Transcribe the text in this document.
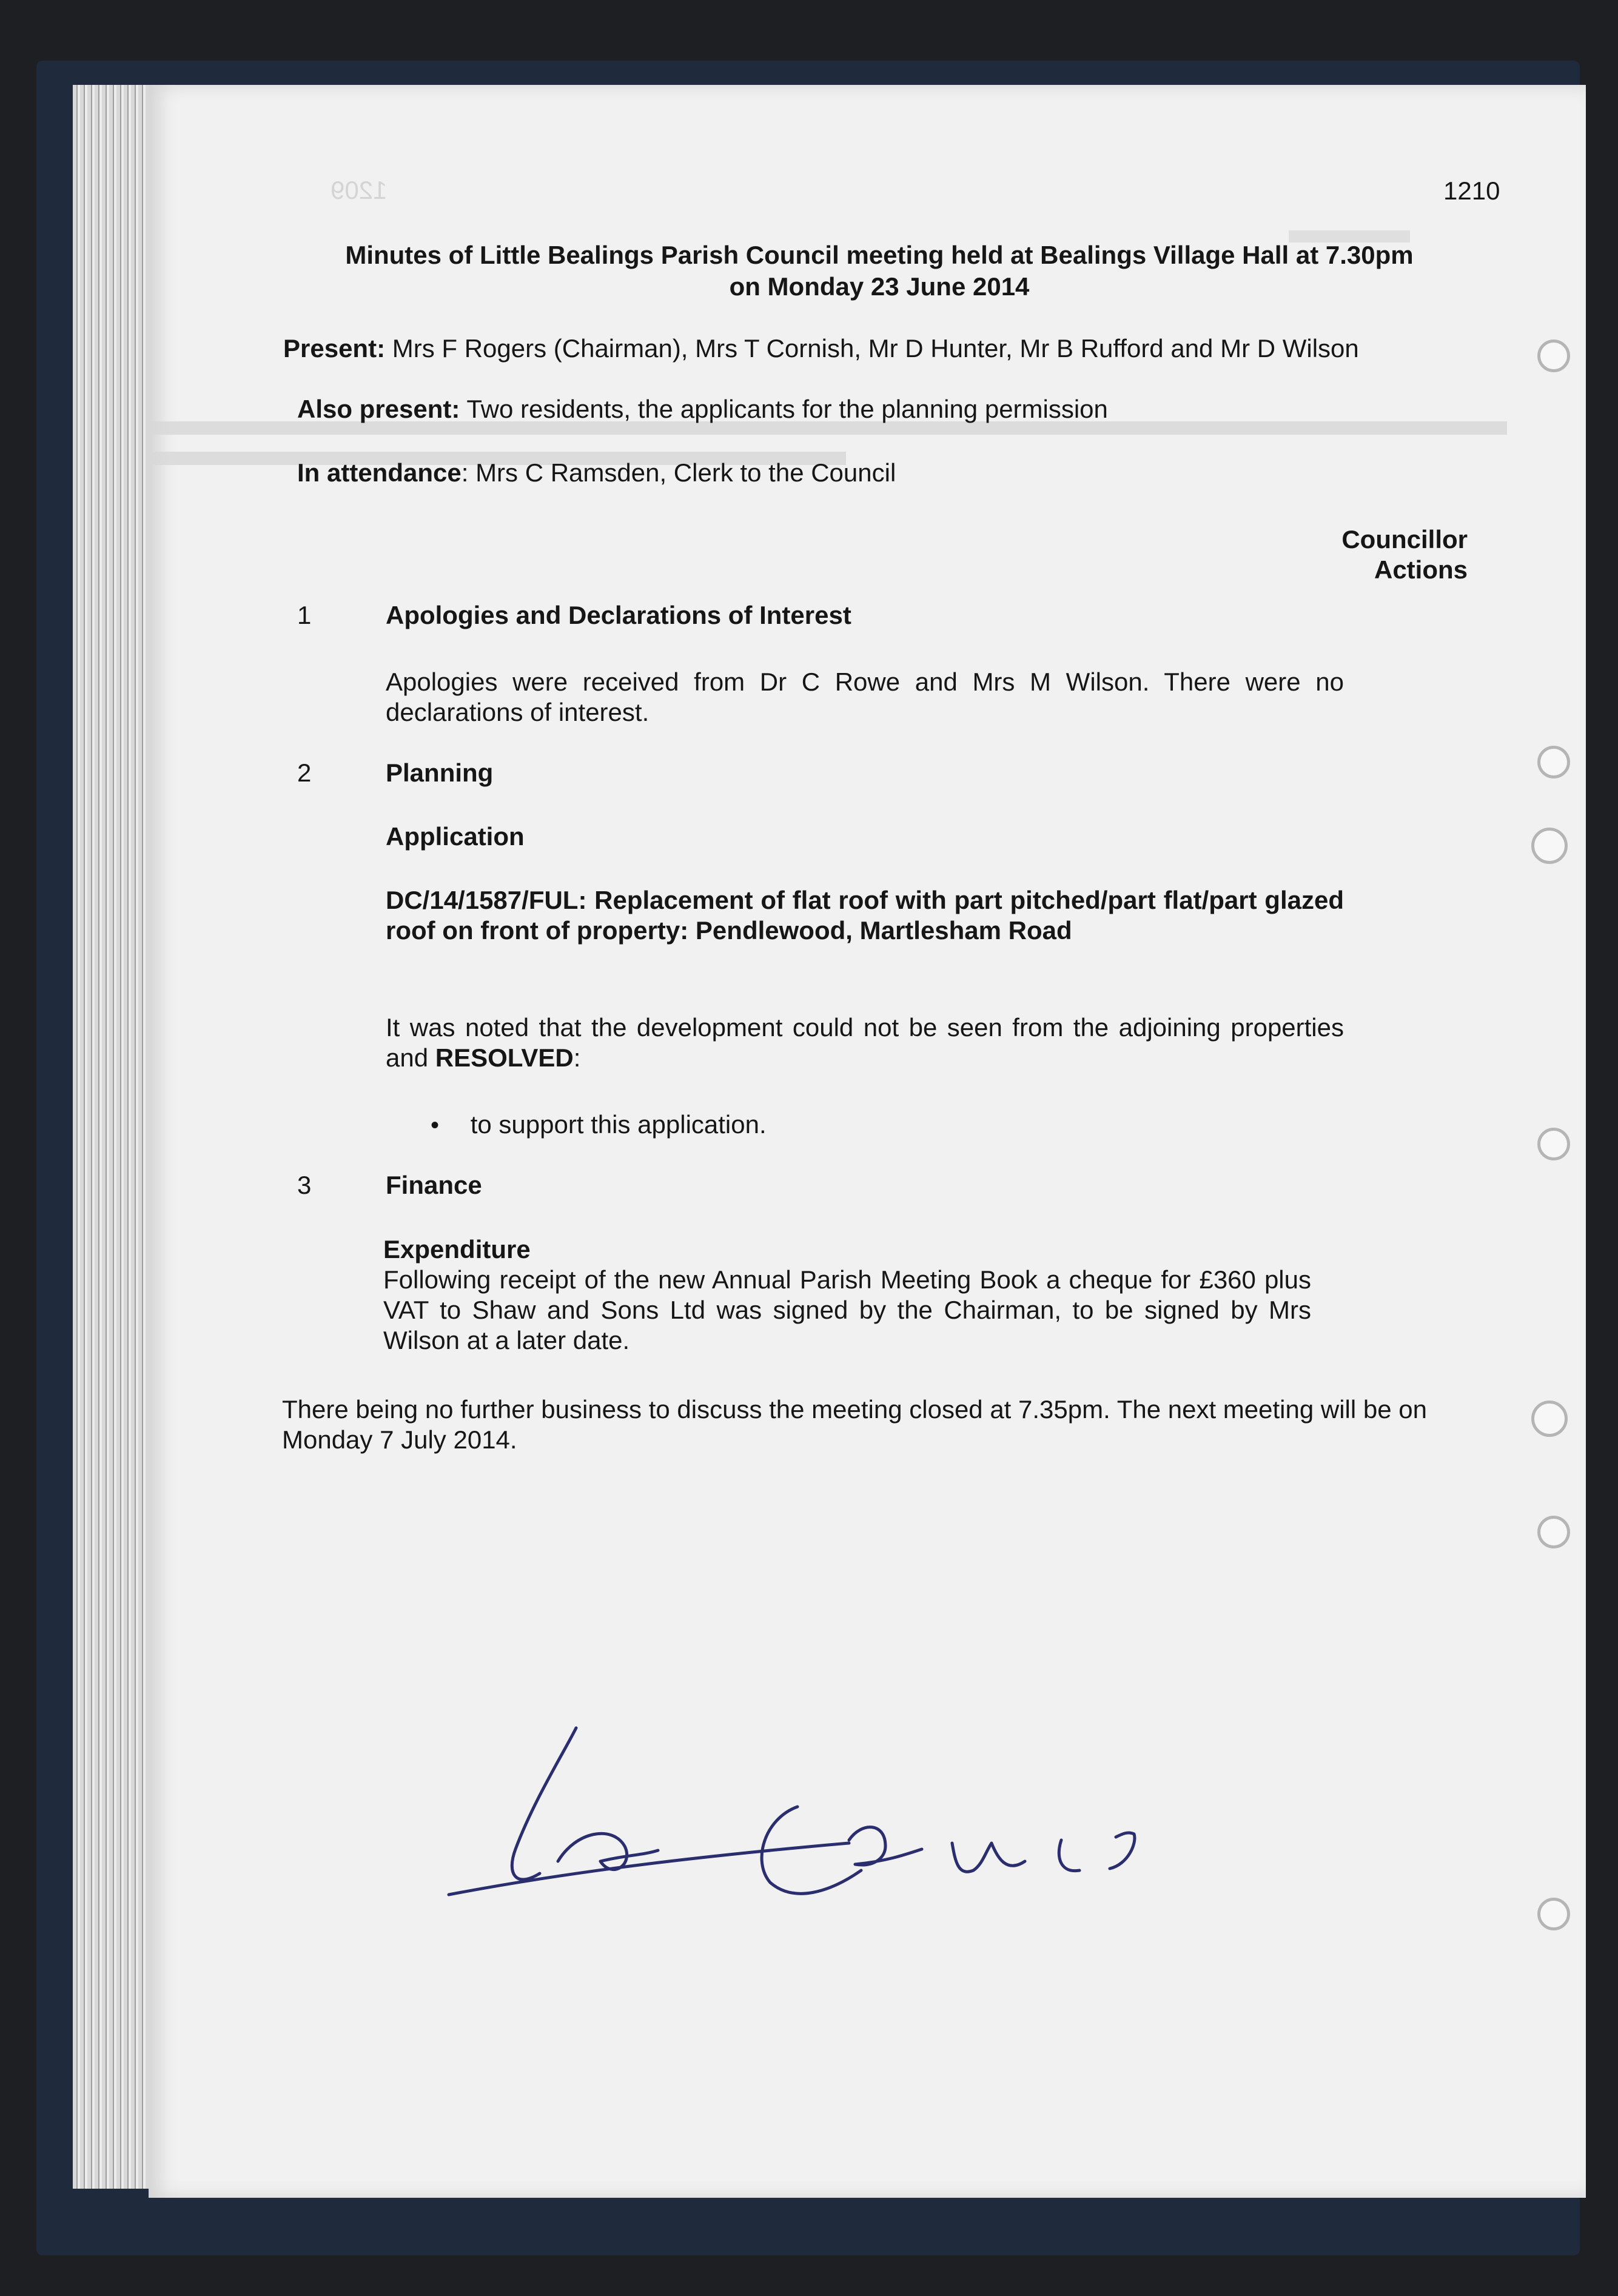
1209	1210
Minutes of Little Bealings Parish Council meeting held at Bealings Village Hall at 7.30pm
on Monday 23 June 2014
Present: Mrs F Rogers (Chairman), Mrs T Cornish, Mr D Hunter, Mr B Rufford and Mr D Wilson
Also present: Two residents, the applicants for the planning permission
In attendance: Mrs C Ramsden, Clerk to the Council
Councillor
Actions
1	Apologies and Declarations of Interest
Apologies were received from Dr C Rowe and Mrs M Wilson. There were no declarations of interest.
2	Planning
Application
DC/14/1587/FUL: Replacement of flat roof with part pitched/part flat/part glazed roof on front of property: Pendlewood, Martlesham Road
It was noted that the development could not be seen from the adjoining properties and RESOLVED:
• to support this application.
3	Finance
Expenditure
Following receipt of the new Annual Parish Meeting Book a cheque for £360 plus VAT to Shaw and Sons Ltd was signed by the Chairman, to be signed by Mrs Wilson at a later date.
There being no further business to discuss the meeting closed at 7.35pm. The next meeting will be on Monday 7 July 2014.
